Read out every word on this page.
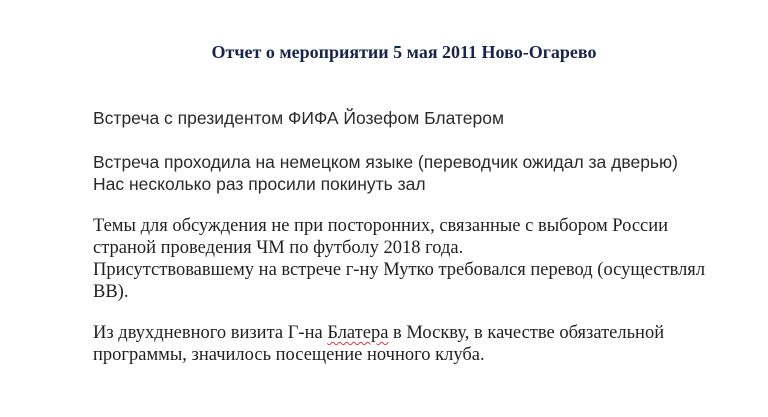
Отчет о мероприятии 5 мая 2011 Ново-Огарево
Встреча с президентом ФИФА Йозефом Блатером
Встреча проходила на немецком языке (переводчик ожидал за дверью)
Нас несколько раз просили покинуть зал
Темы для обсуждения не при посторонних, связанные с выбором России
страной проведения ЧМ по футболу 2018 года.
Присутствовавшему на встрече г-ну Мутко требовался перевод (осуществлял
ВВ).
Из двухдневного визита Г-на Блатера в Москву, в качестве обязательной
программы, значилось посещение ночного клуба.
